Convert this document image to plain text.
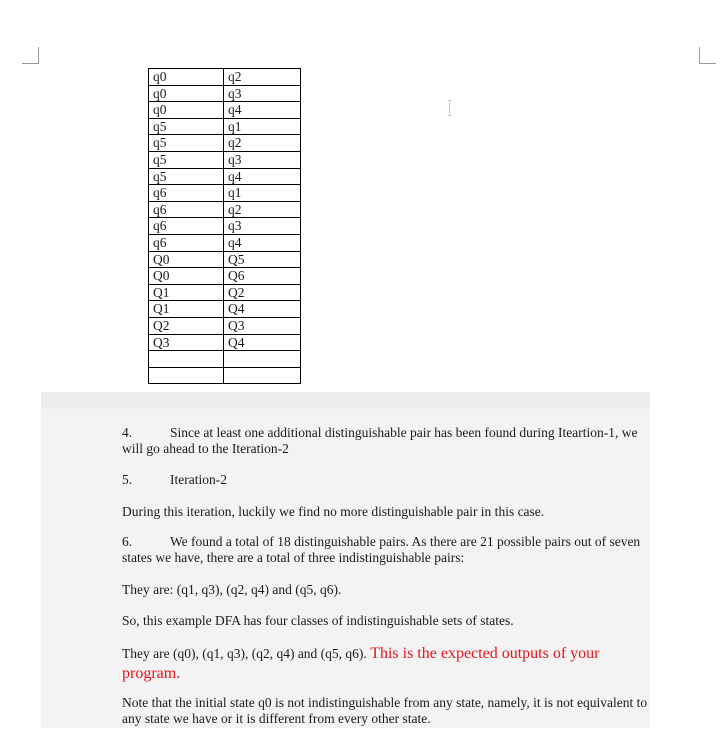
q0	q2
q0	q3
q0	q4
q5	q1
q5	q2
q5	q3
q5	q4
q6	q1
q6	q2
q6	q3
q6	q4
Q0	Q5
Q0	Q6
Q1	Q2
Q1	Q4
Q2	Q3
Q3	Q4

4.	Since at least one additional distinguishable pair has been found during Iteartion-1, we will go ahead to the Iteration-2

5.	Iteration-2

During this iteration, luckily we find no more distinguishable pair in this case.

6.	We found a total of 18 distinguishable pairs. As there are 21 possible pairs out of seven states we have, there are a total of three indistinguishable pairs:

They are: (q1, q3), (q2, q4) and (q5, q6).

So, this example DFA has four classes of indistinguishable sets of states.

They are (q0), (q1, q3), (q2, q4) and (q5, q6). This is the expected outputs of your program.

Note that the initial state q0 is not indistinguishable from any state, namely, it is not equivalent to any state we have or it is different from every other state.
